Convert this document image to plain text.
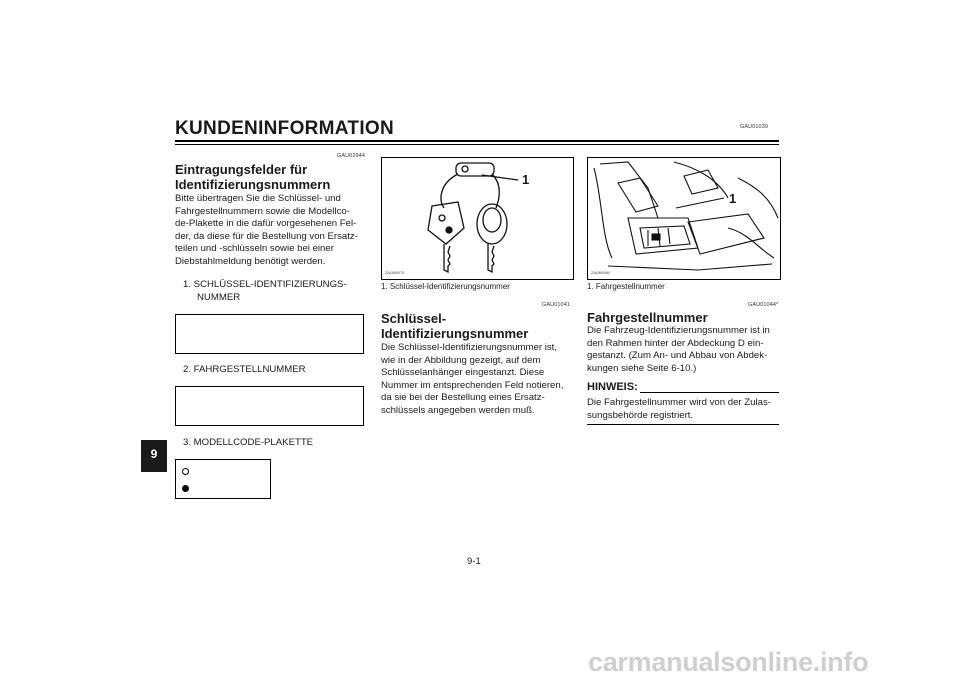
GAU01039
KUNDENINFORMATION
9
GAU02944
Eintragungsfelder für
Identifizierungsnummern
Bitte übertragen Sie die Schlüssel- und
Fahrgestellnummern sowie die Modellco-
de-Plakette in die dafür vorgesehenen Fel-
der, da diese für die Bestellung von Ersatz-
teilen und -schlüsseln sowie bei einer
Diebstahlmeldung benötigt werden.
1. SCHLÜSSEL-IDENTIFIZIERUNGS-
NUMMER
2. FAHRGESTELLNUMMER
3. MODELLCODE-PLAKETTE
ZAUM0070
1
1. Schlüssel-Identifizierungsnummer
GAU01041
Schlüssel-
Identifizierungsnummer
Die Schlüssel-Identifizierungsnummer ist,
wie in der Abbildung gezeigt, auf dem
Schlüsselanhänger eingestanzt. Diese
Nummer im entsprechenden Feld notieren,
da sie bei der Bestellung eines Ersatz-
schlüssels angegeben werden muß.
ZAUM0480
1
1. Fahrgestellnummer
GAU01044*
Fahrgestellnummer
Die Fahrzeug-Identifizierungsnummer ist in
den Rahmen hinter der Abdeckung D ein-
gestanzt. (Zum An- und Abbau von Abdek-
kungen siehe Seite 6-10.)
HINWEIS:
Die Fahrgestellnummer wird von der Zulas-
sungsbehörde registriert.
9-1
carmanualsonline.info
